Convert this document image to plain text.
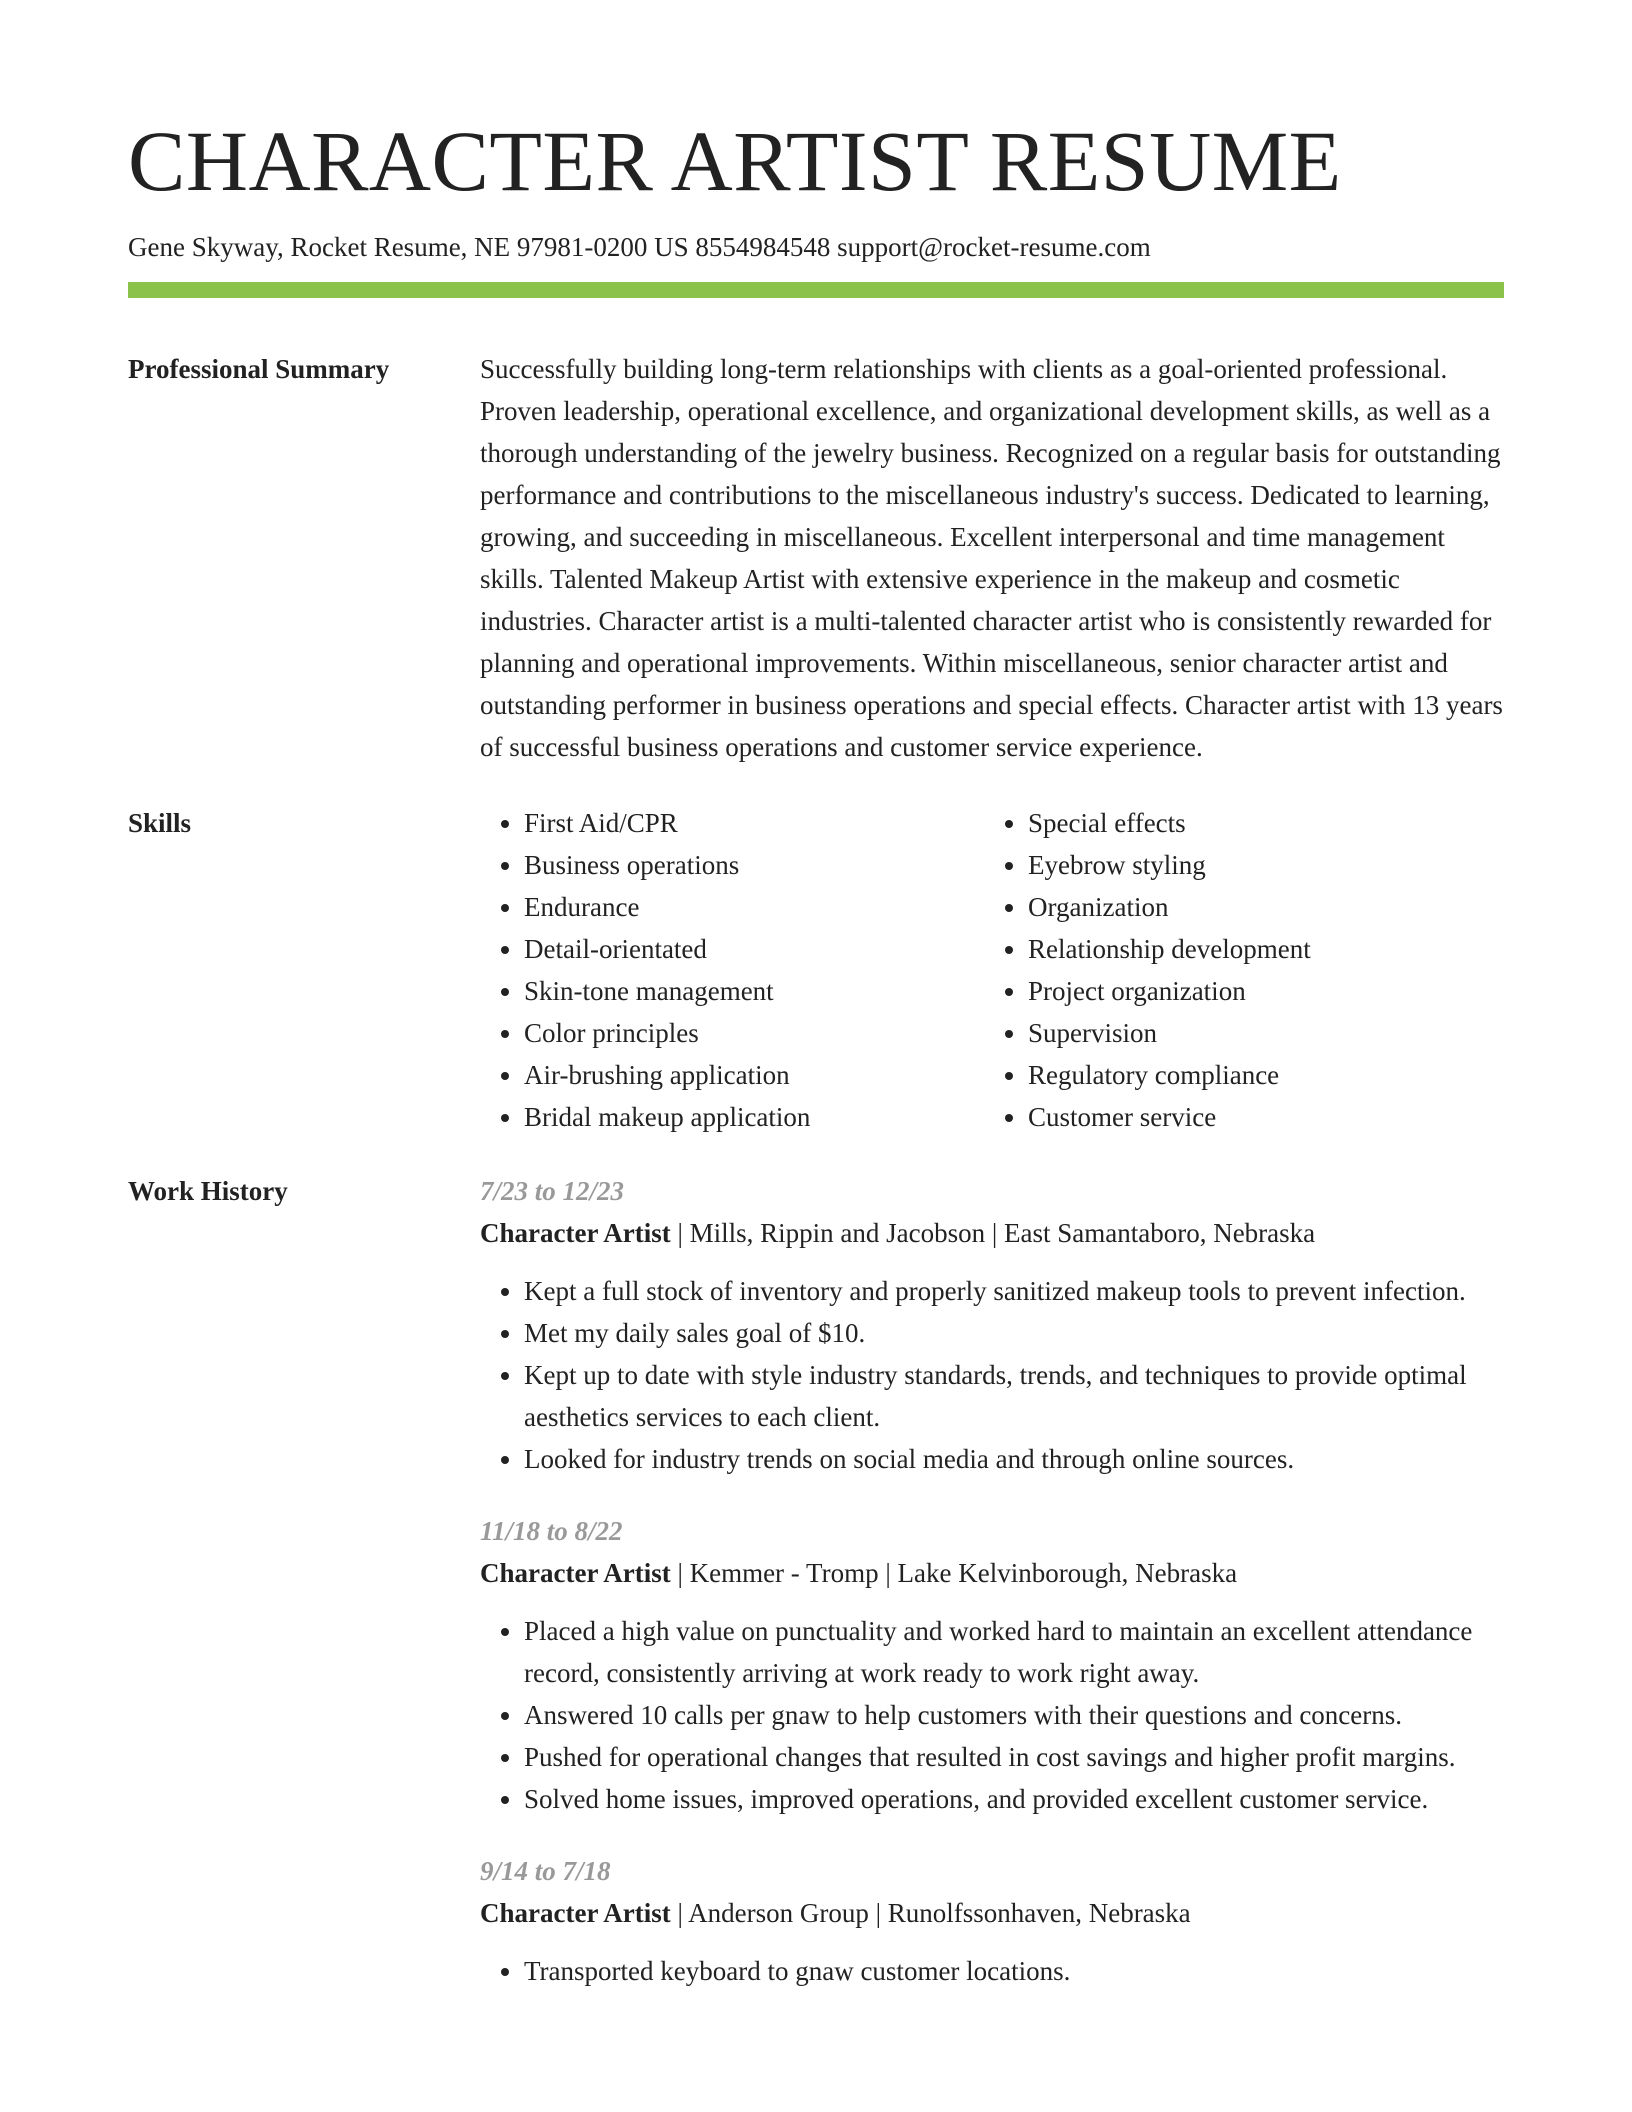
CHARACTER ARTIST RESUME
Gene Skyway, Rocket Resume, NE 97981-0200 US 8554984548 support@rocket-resume.com
Professional Summary	Successfully building long-term relationships with clients as a goal-oriented professional. Proven leadership, operational excellence, and organizational development skills, as well as a thorough understanding of the jewelry business. Recognized on a regular basis for outstanding performance and contributions to the miscellaneous industry's success. Dedicated to learning, growing, and succeeding in miscellaneous. Excellent interpersonal and time management skills. Talented Makeup Artist with extensive experience in the makeup and cosmetic industries. Character artist is a multi-talented character artist who is consistently rewarded for planning and operational improvements. Within miscellaneous, senior character artist and outstanding performer in business operations and special effects. Character artist with 13 years of successful business operations and customer service experience.

Skills
•	First Aid/CPR
• Business operations
• Endurance
• Detail-orientated
• Skin-tone management
• Color principles
• Air-brushing application
• Bridal makeup application
• Special effects
• Eyebrow styling
• Organization
• Relationship development
• Project organization
• Supervision
• Regulatory compliance
• Customer service
Work History	7/23 to 12/23
Character Artist | Mills, Rippin and Jacobson | East Samantaboro, Nebraska
• Kept a full stock of inventory and properly sanitized makeup tools to prevent infection.
• Met my daily sales goal of $10.
• Kept up to date with style industry standards, trends, and techniques to provide optimal aesthetics services to each client.
• Looked for industry trends on social media and through online sources.
11/18 to 8/22
Character Artist | Kemmer - Tromp | Lake Kelvinborough, Nebraska
• Placed a high value on punctuality and worked hard to maintain an excellent attendance record, consistently arriving at work ready to work right away.
• Answered 10 calls per gnaw to help customers with their questions and concerns.
• Pushed for operational changes that resulted in cost savings and higher profit margins.
• Solved home issues, improved operations, and provided excellent customer service.
9/14 to 7/18
Character Artist | Anderson Group | Runolfssonhaven, Nebraska
• Transported keyboard to gnaw customer locations.
